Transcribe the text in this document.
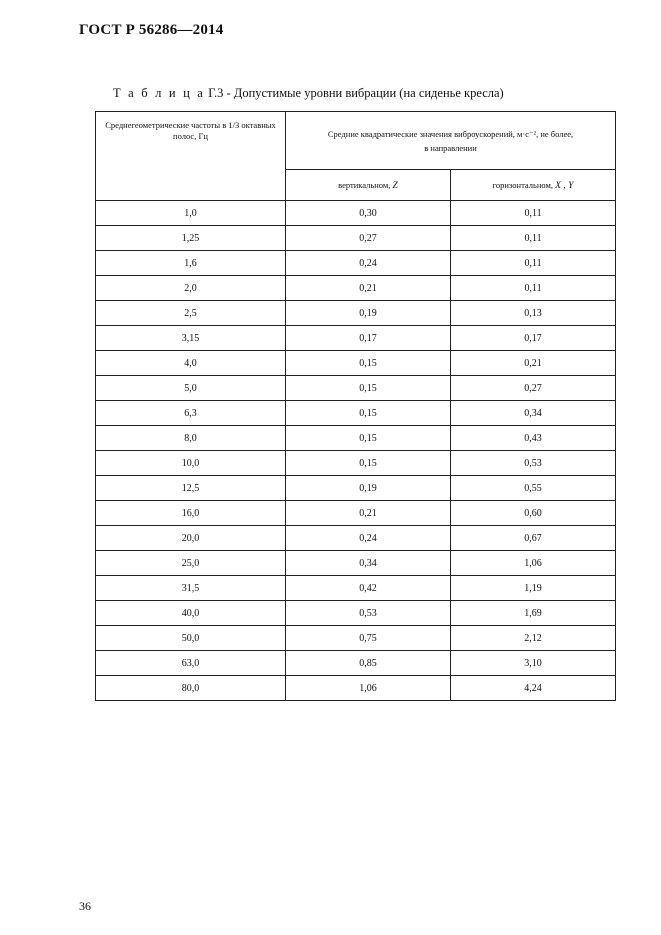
ГОСТ Р 56286—2014
Т а б л и ц а Г.3 - Допустимые уровни вибрации (на сиденье кресла)
Среднегеометрические частоты в 1/3 октавных полос, Гц	Средние квадратические значения виброускорений, м·с⁻², не более,
в направлении	
	вертикальном, Z	горизонтальном, X , Y
1,0	0,30	0,11
1,25	0,27	0,11
1,6	0,24	0,11
2,0	0,21	0,11
2,5	0,19	0,13
3,15	0,17	0,17
4,0	0,15	0,21
5,0	0,15	0,27
6,3	0,15	0,34
8,0	0,15	0,43
10,0	0,15	0,53
12,5	0,19	0,55
16,0	0,21	0,60
20,0	0,24	0,67
25,0	0,34	1,06
31,5	0,42	1,19
40,0	0,53	1,69
50,0	0,75	2,12
63,0	0,85	3,10
80,0	1,06	4,24
36
